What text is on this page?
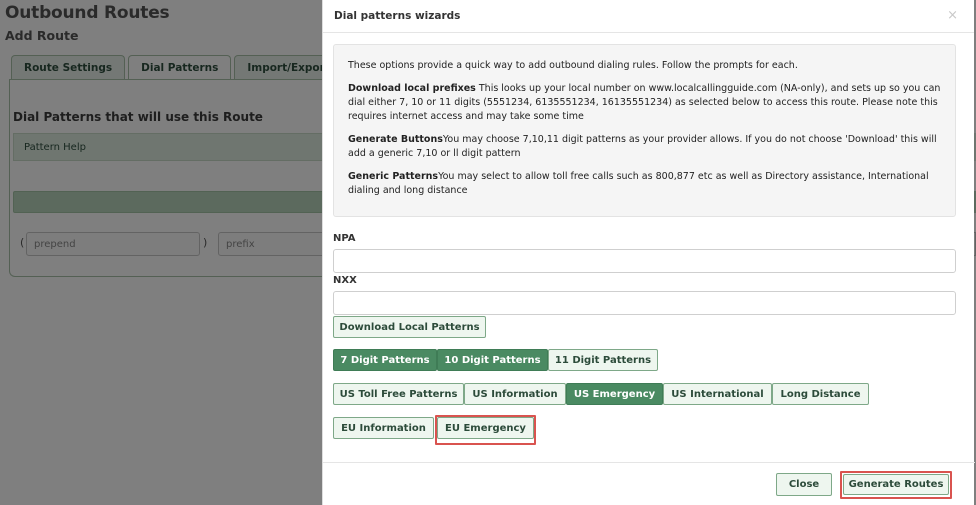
Dial patterns wizards	×

These options provide a quick way to add outbound dialing rules. Follow the prompts for each.

Download local prefixes This looks up your local number on www.localcallingguide.com (NA-only), and sets up so you can dial either 7, 10 or 11 digits (5551234, 6135551234, 16135551234) as selected below to access this route. Please note this requires internet access and may take some time

Generate ButtonsYou may choose 7,10,11 digit patterns as your provider allows. If you do not choose 'Download' this will add a generic 7,10 or ll digit pattern

Generic PatternsYou may select to allow toll free calls such as 800,877 etc as well as Directory assistance, International dialing and long distance

NPA
NXX
Download Local Patterns
7 Digit Patterns	10 Digit Patterns	11 Digit Patterns
US Toll Free Patterns	US Information	US Emergency	US International	Long Distance
EU Information	EU Emergency
Close	Generate Routes
